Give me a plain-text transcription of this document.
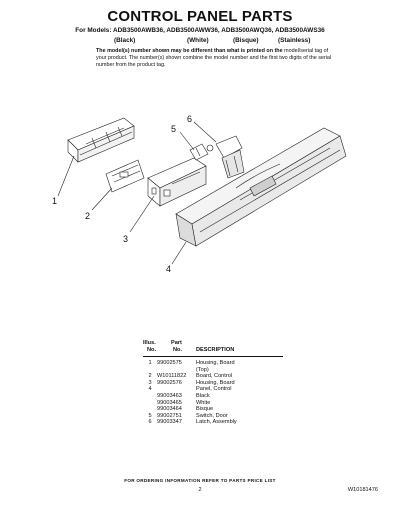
CONTROL PANEL PARTS
For Models: ADB3500AWB36, ADB3500AWW36, ADB3500AWQ36, ADB3500AWS36
(Black)	(White)	(Bisque)	(Stainless)
The model(s) number shown may be different than what is printed on the model/serial tag of your product. The number(s) shown combine the model number and the first two digits of the serial number from the product tag.
1
2
3
4
5
6
Illus.
No.
Part
No. DESCRIPTION
1 99002575	Housing, Board
(Top)
2 W10111822 Board, Control
3 99002576	Housing, Board
4	Panel, Control
99003463	Black
99003465	White
99003464	Bisque
5 99002751	Switch, Door
6 99003347	Latch, Assembly
FOR ORDERING INFORMATION REFER TO PARTS PRICE LIST
2	W10181476
